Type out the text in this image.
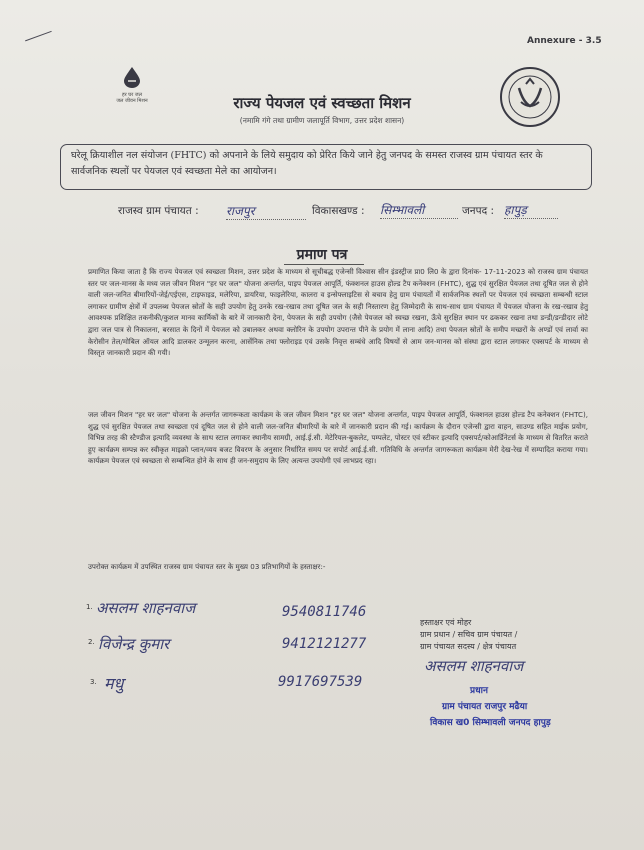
Annexure - 3.5
हर घर जल
जल जीवन मिशन	राज्य पेयजल एवं स्वच्छता मिशन
(नमामि गंगे तथा ग्रामीण जलापूर्ति विभाग, उत्तर प्रदेश शासन)
घरेलू क्रियाशील नल संयोजन (FHTC) को अपनाने के लिये समुदाय को प्रेरित किये जाने हेतु जनपद के समस्त राजस्व ग्राम पंचायत स्तर के सार्वजनिक स्थलों पर पेयजल एवं स्वच्छता मेले का आयोजन।
राजस्व ग्राम पंचायत : राजपुर	विकासखण्ड : सिम्भावली	जनपद : हापुड़
प्रमाण पत्र
प्रमाणित किया जाता है कि राज्य पेयजल एवं स्वच्छता मिशन, उत्तर प्रदेश के माध्यम से सूचीबद्ध एजेन्सी विश्वास सीन इंडस्ट्रीज प्रा0 लि0 के द्वारा दिनांक- 17-11-2023 को राजस्व ग्राम पंचायत स्तर पर जल-मानस के मध्य जल जीवन मिशन "हर घर जल" योजना अन्तर्गत, पाइप पेयजल आपूर्ति, फंक्शनल हाउस होल्ड टैप कनेक्शन (FHTC), शुद्ध एवं सुरक्षित पेयजल तथा दूषित जल से होने वाली जल-जनित बीमारियों-जेई/एईएस, टाइफाइड, मलेरिया, डायरिया, फाइलेरिया, कालरा व इन्सेफ्लाइटिस से बचाव हेतु ग्राम पंचायतों में सार्वजनिक स्थलों पर पेयजल एवं स्वच्छता सम्बन्धी स्टाल लगाकर ग्रामीण क्षेत्रों में उपलब्ध पेयजल स्रोतों के सही उपयोग हेतु उनके रख-रखाव तथा दूषित जल के सही निस्तारण हेतु जिम्मेदारी के साथ-साथ ग्राम पंचायत में पेयजल योजना के रख-रखाव हेतु आवश्यक प्रशिक्षित तकनीकी/कुशल मानव कार्मिकों के बारे में जानकारी देना, पेयजल के सही उपयोग (जैसे पेयजल को स्वच्छ रखना, ऊँचे सुरक्षित स्थान पर ढककर रखना तथा डन्डी/डन्डीदार लोटे द्वारा जल पात्र से निकालना, बरसात के दिनों में पेयजल को उबालकर अथवा क्लोरिन के उपयोग उपरान्त पीने के प्रयोग में लाना आदि) तथा पेयजल स्रोतों के समीप मच्छरों के अण्डों एवं लार्वा का केरोसीन तेल/मोबिल ऑयल आदि डालकर उन्मूलन करना, आर्सेनिक तथा फ्लोराइड एवं उसके निवृत्त सम्बंधे आदि विषयों से आम जन-मानस को संस्था द्वारा स्टाल लगाकर एक्सपर्ट के माध्यम से विस्तृत जानकारी प्रदान की गयी।
जल जीवन मिशन "हर घर जल" योजना के अन्तर्गत जागरूकता कार्यक्रम के जल जीवन मिशन "हर घर जल" योजना अन्तर्गत, पाइप पेयजल आपूर्ति, फंक्शनल हाउस होल्ड टैप कनेक्शन (FHTC), शुद्ध एवं सुरक्षित पेयजल तथा स्वच्छता एवं दूषित जल से होने वाली जल-जनित बीमारियों के बारे में जानकारी प्रदान की गई। कार्यक्रम के दौरान एजेन्सी द्वारा वाहन, साउण्ड सहित माईक प्रयोग, विभिन्न तरह की स्टैण्डीज इत्यादि व्यवस्था के साथ स्टाल लगाकर स्थानीय सामग्री, आई.ई.सी. मेटेरियल-बुकलेट, पम्पलेट, पोस्टर एवं स्टीकर इत्यादि एक्सपर्ट/कोआर्डिनेटर्स के माध्यम से वितरित कराते हुए कार्यक्रम सम्पन्न कर स्वीकृत माइक्रो प्लान/व्यय बजट विवरण के अनुसार निर्धारित समय पर सपोर्ट आई.ई.सी. गतिविधि के अन्तर्गत जागरूकता कार्यक्रम मेरी देख-रेख में सम्पादित कराया गया। कार्यक्रम पेयजल एवं स्वच्छता से सम्बन्धित होने के साथ ही जन-समुदाय के लिए अत्यन्त उपयोगी एवं लाभप्रद रहा।
उपरोक्त कार्यक्रम में उपस्थित राजस्व ग्राम पंचायत स्तर के मुख्य 03 प्रतिभागियों के हस्ताक्षर:-
1. असलम शाहनवाज	9540811746
2. विजेन्द्र कुमार	9412121277
3. मधु	9917697539
हस्ताक्षर एवं मोहर
ग्राम प्रधान / सचिव ग्राम पंचायत /
ग्राम पंचायत सदस्य / क्षेत्र पंचायत
असलम शाहनवाज
प्रधान
ग्राम पंचायत राजपुर मढैया
विकास ख0 सिम्भावली जनपद हापुड़
